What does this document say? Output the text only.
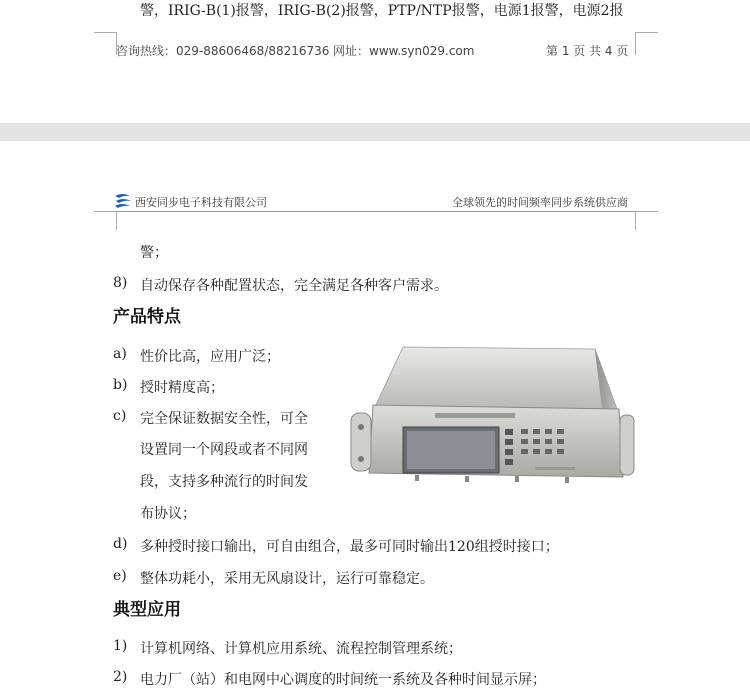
警，IRIG-B(1)报警，IRIG-B(2)报警，PTP/NTP报警，电源1报警，电源2报
咨询热线：029-88606468/88216736 网址：www.syn029.com	第 1 页 共 4 页
西安同步电子科技有限公司	全球领先的时间频率同步系统供应商
警；
8) 自动保存各种配置状态，完全满足各种客户需求。
产品特点
a) 性价比高，应用广泛；
b) 授时精度高；
c) 完全保证数据安全性，可全
设置同一个网段或者不同网
段，支持多种流行的时间发
布协议；
d) 多种授时接口输出，可自由组合，最多可同时输出120组授时接口；
e) 整体功耗小，采用无风扇设计，运行可靠稳定。
典型应用
1) 计算机网络、计算机应用系统、流程控制管理系统；
2) 电力厂（站）和电网中心调度的时间统一系统及各种时间显示屏；
